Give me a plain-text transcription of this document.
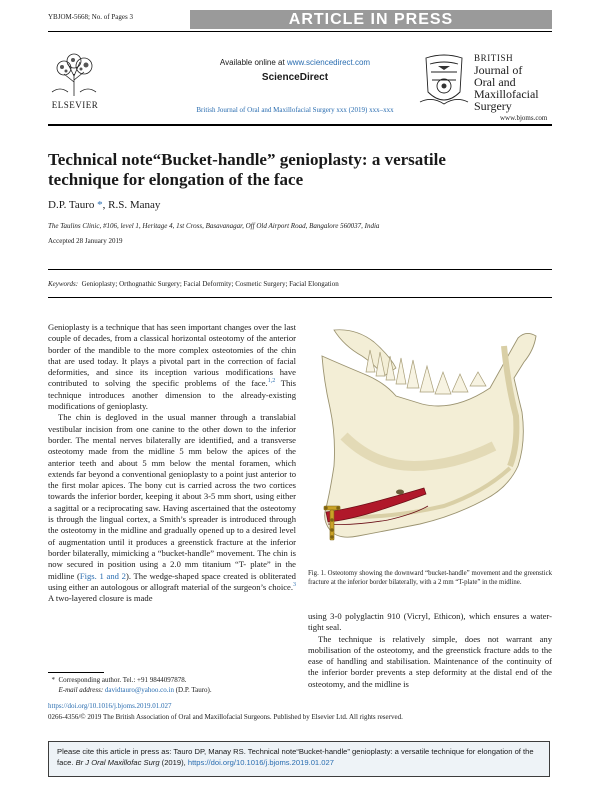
YBJOM-5668; No. of Pages 3	ARTICLE IN PRESS
ELSEVIER
Available online at www.sciencedirect.com
ScienceDirect
British Journal of Oral and Maxillofacial Surgery xxx (2019) xxx–xxx
BRITISH
Journal of
Oral and
Maxillofacial
Surgery
www.bjoms.com
Technical note“Bucket-handle” genioplasty: a versatile technique for elongation of the face
D.P. Tauro *, R.S. Manay
The Taulins Clinic, #106, level 1, Heritage 4, 1st Cross, Basavanagar, Off Old Airport Road, Bangalore 560037, India
Accepted 28 January 2019
Keywords: Genioplasty; Orthognathic Surgery; Facial Deformity; Cosmetic Surgery; Facial Elongation

Genioplasty is a technique that has seen important changes over the last couple of decades, from a classical horizontal osteotomy of the anterior border of the mandible to the more complex osteotomies of the chin that are used today. It plays a pivotal part in the correction of facial deformities, and since its inception various modifications have contributed to solving the specific problems of the face.$^{1,2}$ This technique introduces another dimension to the already-existing modifications of genioplasty.

The chin is degloved in the usual manner through a translabial vestibular incision from one canine to the other down to the inferior border. The mental nerves bilaterally are identified, and a transverse osteotomy made from the midline 5 mm below the apices of the anterior teeth and about 5 mm below the mental foramen, which extends far beyond a conventional genioplasty to a point just anterior to the first molar apices. The bony cut is carried across the two cortices towards the inferior border, keeping it about 3-5 mm short, using either a sagittal or a reciprocating saw. Having ascertained that the osteotomy is through the lingual cortex, a Smith’s spreader is introduced through the osteotomy in the midline and gradually opened up to a desired level of augmentation until it produces a greenstick fracture at the inferior border bilaterally, mimicking a “bucket-handle” movement. The chin is now secured in position using a 2.0 mm titanium “T- plate” in the midline (Figs. 1 and 2). The wedge-shaped space created is obliterated using either an autologous or allograft material of the surgeon’s choice.$^3$ A two-layered closure is made

Fig. 1. Osteotomy showing the downward “bucket-handle” movement and the greenstick fracture at the inferior border bilaterally, with a 2 mm “T-plate” in the midline.

using 3-0 polyglactin 910 (Vicryl, Ethicon), which ensures a water-tight seal.

The technique is relatively simple, does not warrant any mobilisation of the osteotomy, and the greenstick fracture adds to the ease of handling and stabilisation. Maintenance of the continuity of the inferior border prevents a step deformity at the distal end of the osteotomy, and the midline is

* Corresponding author. Tel.: +91 9844097878.
E-mail address: davidtauro@yahoo.co.in (D.P. Tauro).
https://doi.org/10.1016/j.bjoms.2019.01.027
0266-4356/© 2019 The British Association of Oral and Maxillofacial Surgeons. Published by Elsevier Ltd. All rights reserved.
Please cite this article in press as: Tauro DP, Manay RS. Technical note“Bucket-handle” genioplasty: a versatile technique for elongation of the face. Br J Oral Maxillofac Surg (2019), https://doi.org/10.1016/j.bjoms.2019.01.027
